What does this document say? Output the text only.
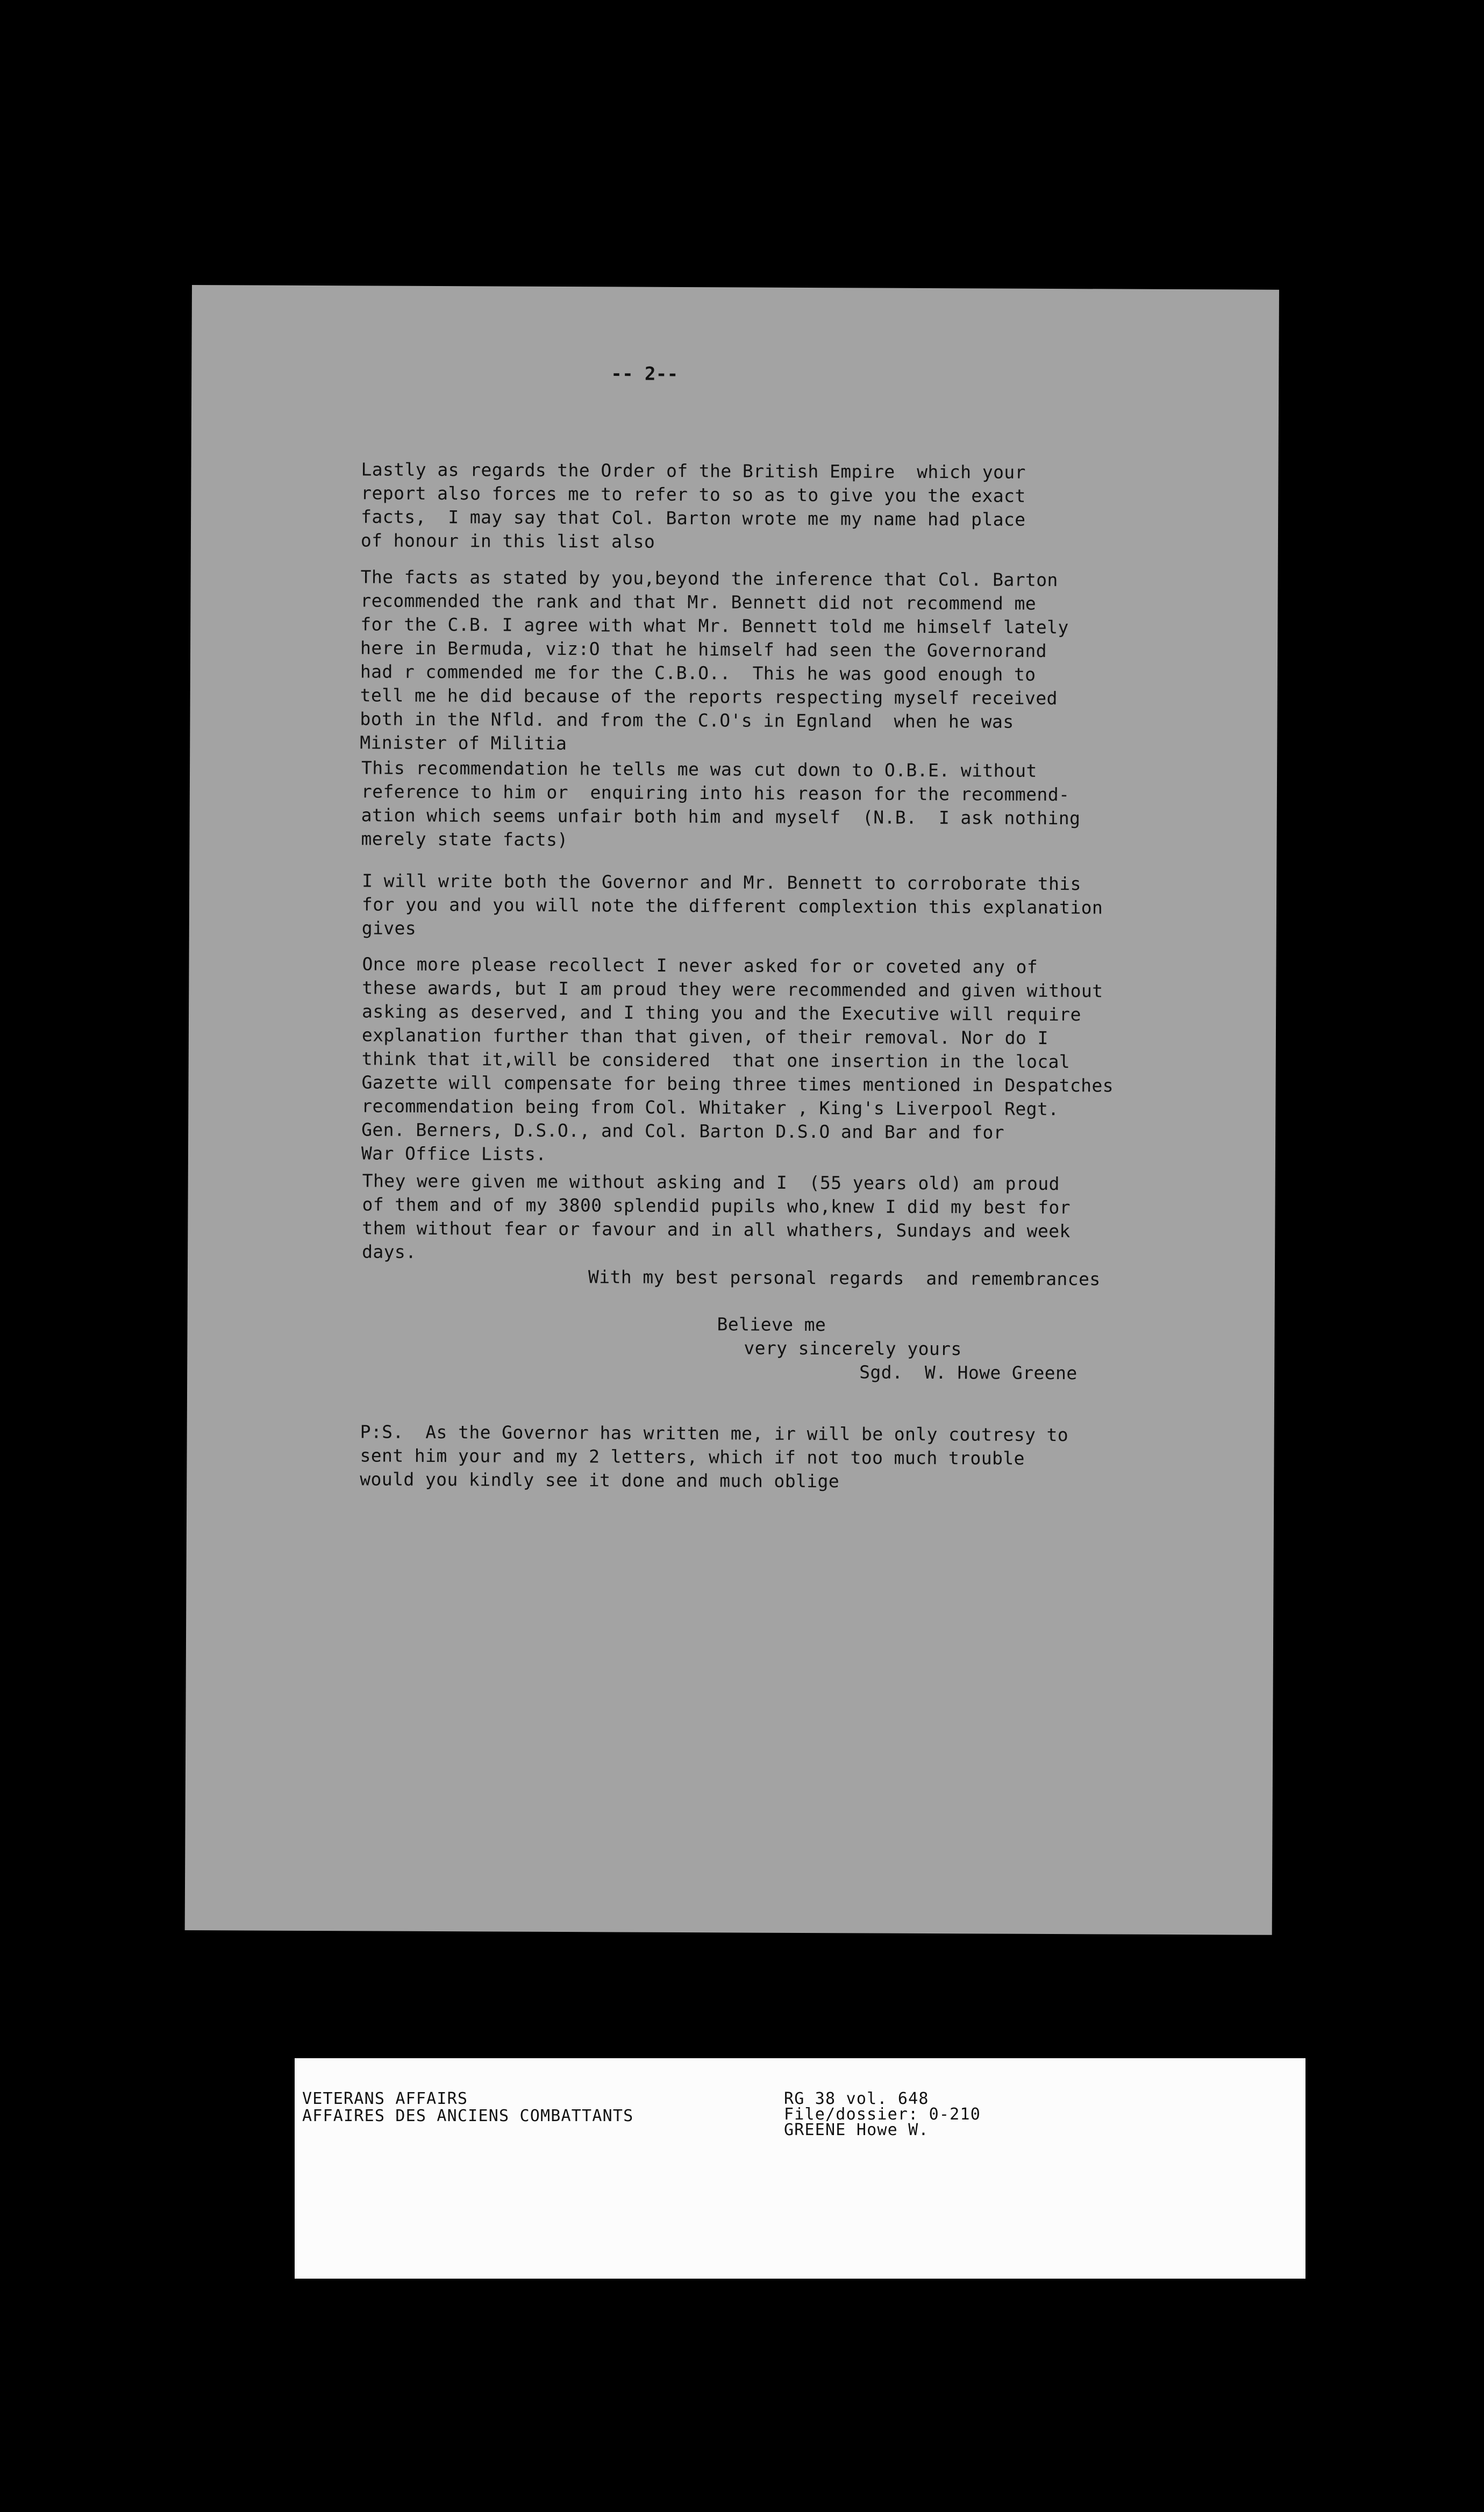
-- 2--
Lastly as regards the Order of the British Empire  which your
report also forces me to refer to so as to give you the exact
facts,  I may say that Col. Barton wrote me my name had place
of honour in this list also
The facts as stated by you,beyond the inference that Col. Barton
recommended the rank and that Mr. Bennett did not recommend me
for the C.B. I agree with what Mr. Bennett told me himself lately
here in Bermuda, viz:O that he himself had seen the Governorand
had r commended me for the C.B.O..  This he was good enough to
tell me he did because of the reports respecting myself received
both in the Nfld. and from the C.O's in Egnland  when he was
Minister of Militia
This recommendation he tells me was cut down to O.B.E. without
reference to him or  enquiring into his reason for the recommend-
ation which seems unfair both him and myself  (N.B.  I ask nothing
merely state facts)
I will write both the Governor and Mr. Bennett to corroborate this
for you and you will note the different complextion this explanation
gives
Once more please recollect I never asked for or coveted any of
these awards, but I am proud they were recommended and given without
asking as deserved, and I thing you and the Executive will require
explanation further than that given, of their removal. Nor do I
think that it,will be considered  that one insertion in the local
Gazette will compensate for being three times mentioned in Despatches
recommendation being from Col. Whitaker , King's Liverpool Regt.
Gen. Berners, D.S.O., and Col. Barton D.S.O and Bar and for
War Office Lists.
They were given me without asking and I  (55 years old) am proud
of them and of my 3800 splendid pupils who,knew I did my best for
them without fear or favour and in all whathers, Sundays and week
days.
With my best personal regards  and remembrances
Believe me
very sincerely yours
Sgd.  W. Howe Greene
P:S.  As the Governor has written me, ir will be only coutresy to
sent him your and my 2 letters, which if not too much trouble
would you kindly see it done and much oblige
VETERANS AFFAIRS
AFFAIRES DES ANCIENS COMBATTANTS
RG 38 vol. 648
File/dossier: 0-210
GREENE Howe W.
